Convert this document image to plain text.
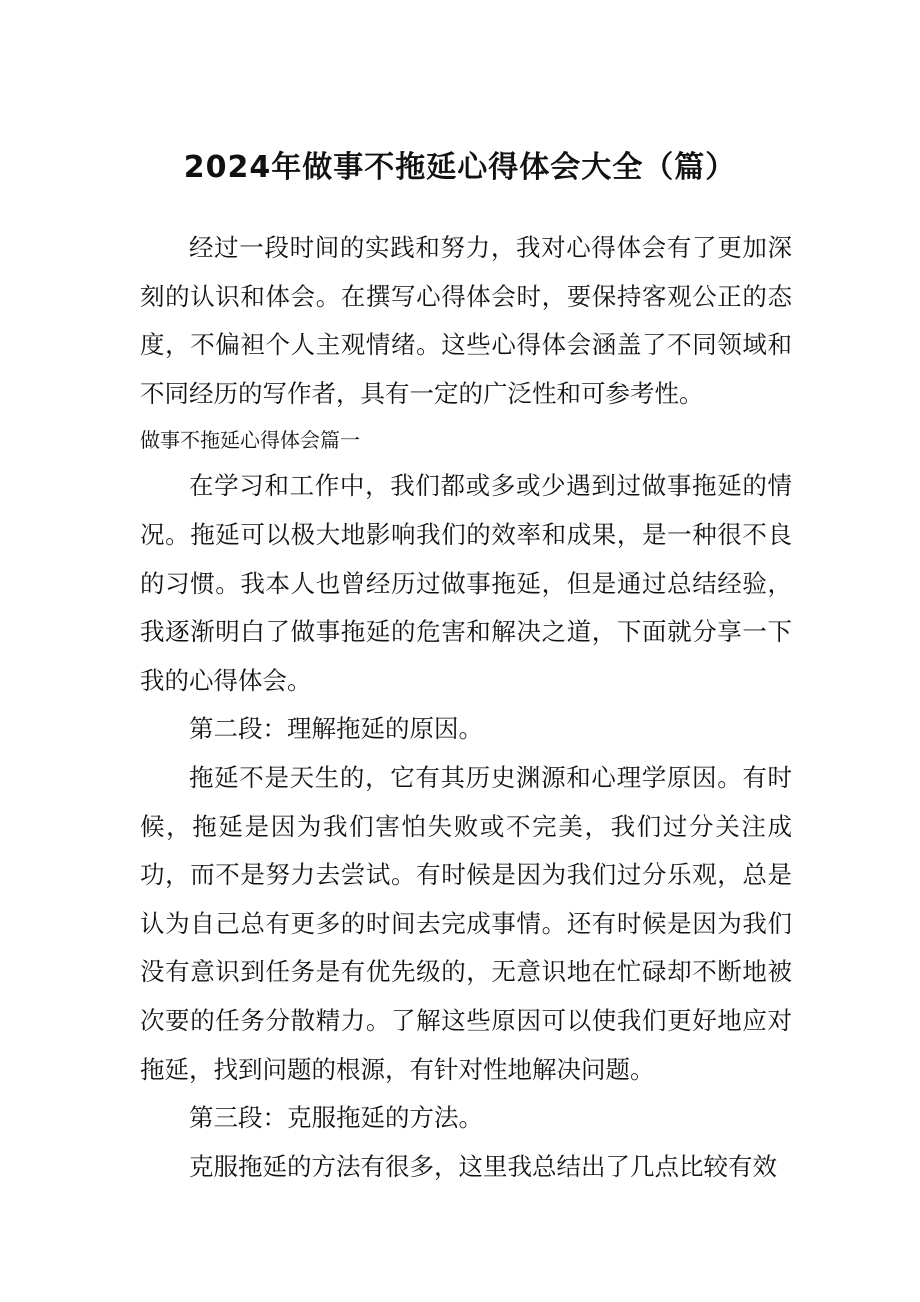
2024年做事不拖延心得体会大全（篇）

经过一段时间的实践和努力，我对心得体会有了更加深刻的认识和体会。在撰写心得体会时，要保持客观公正的态度，不偏袒个人主观情绪。这些心得体会涵盖了不同领域和不同经历的写作者，具有一定的广泛性和可参考性。

做事不拖延心得体会篇一

在学习和工作中，我们都或多或少遇到过做事拖延的情况。拖延可以极大地影响我们的效率和成果，是一种很不良的习惯。我本人也曾经历过做事拖延，但是通过总结经验，我逐渐明白了做事拖延的危害和解决之道，下面就分享一下我的心得体会。

第二段：理解拖延的原因。

拖延不是天生的，它有其历史渊源和心理学原因。有时候，拖延是因为我们害怕失败或不完美，我们过分关注成功，而不是努力去尝试。有时候是因为我们过分乐观，总是认为自己总有更多的时间去完成事情。还有时候是因为我们没有意识到任务是有优先级的，无意识地在忙碌却不断地被次要的任务分散精力。了解这些原因可以使我们更好地应对拖延，找到问题的根源，有针对性地解决问题。

第三段：克服拖延的方法。

克服拖延的方法有很多，这里我总结出了几点比较有效
